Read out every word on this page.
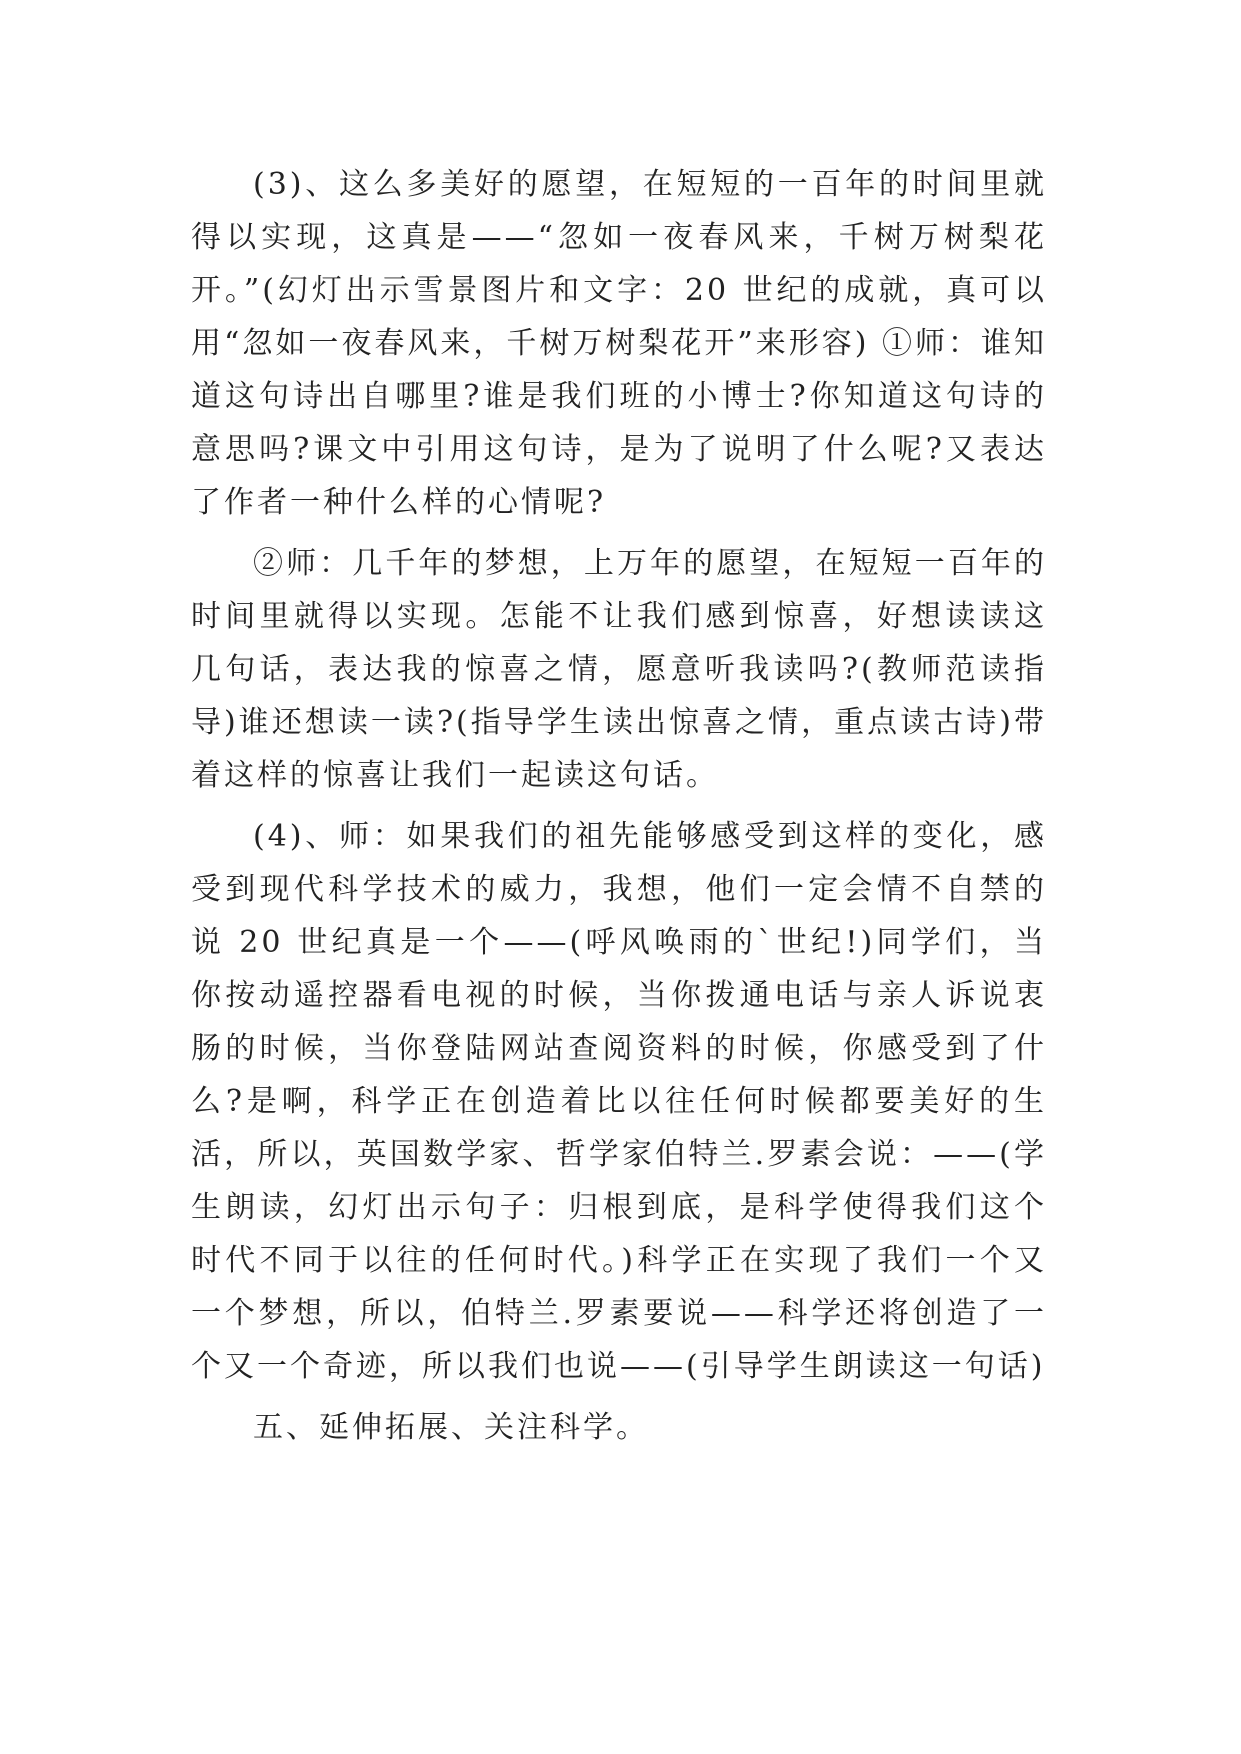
(3)、这么多美好的愿望，在短短的一百年的时间里就得以实现，这真是——“忽如一夜春风来，千树万树梨花开。”(幻灯出示雪景图片和文字：20 世纪的成就，真可以用“忽如一夜春风来，千树万树梨花开”来形容) ①师：谁知道这句诗出自哪里?谁是我们班的小博士?你知道这句诗的意思吗?课文中引用这句诗，是为了说明了什么呢?又表达了作者一种什么样的心情呢?

②师：几千年的梦想，上万年的愿望，在短短一百年的时间里就得以实现。怎能不让我们感到惊喜，好想读读这几句话，表达我的惊喜之情，愿意听我读吗?(教师范读指导)谁还想读一读?(指导学生读出惊喜之情，重点读古诗)带着这样的惊喜让我们一起读这句话。

(4)、师：如果我们的祖先能够感受到这样的变化，感受到现代科学技术的威力，我想，他们一定会情不自禁的说 20 世纪真是一个——(呼风唤雨的`世纪!)同学们，当你按动遥控器看电视的时候，当你拨通电话与亲人诉说衷肠的时候，当你登陆网站查阅资料的时候，你感受到了什么?是啊，科学正在创造着比以往任何时候都要美好的生活，所以，英国数学家、哲学家伯特兰.罗素会说：——(学生朗读，幻灯出示句子：归根到底，是科学使得我们这个时代不同于以往的任何时代。)科学正在实现了我们一个又一个梦想，所以，伯特兰.罗素要说——科学还将创造了一个又一个奇迹，所以我们也说——(引导学生朗读这一句话)

五、延伸拓展、关注科学。
